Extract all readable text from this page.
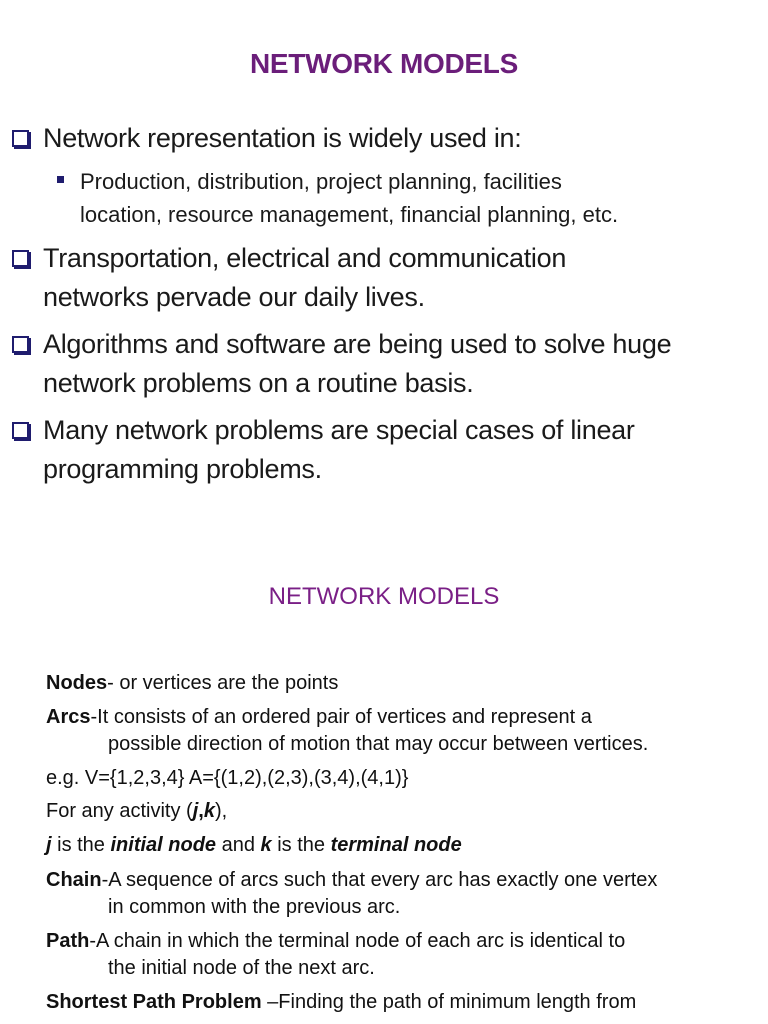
NETWORK MODELS
Network representation is widely used in:
Production, distribution, project planning, facilities
location, resource management, financial planning, etc.
Transportation, electrical and communication
networks pervade our daily lives.
Algorithms and software are being used to solve huge
network problems on a routine basis.
Many network problems are special cases of linear
programming problems.
NETWORK MODELS
Nodes- or vertices are the points
Arcs-It consists of an ordered pair of vertices and represent a
possible direction of motion that may occur between vertices.
e.g. V={1,2,3,4} A={(1,2),(2,3),(3,4),(4,1)}
For any activity (j,k),
j is the initial node and k is the terminal node
Chain-A sequence of arcs such that every arc has exactly one vertex
in common with the previous arc.
Path-A chain in which the terminal node of each arc is identical to
the initial node of the next arc.
Shortest Path Problem –Finding the path of minimum length from
